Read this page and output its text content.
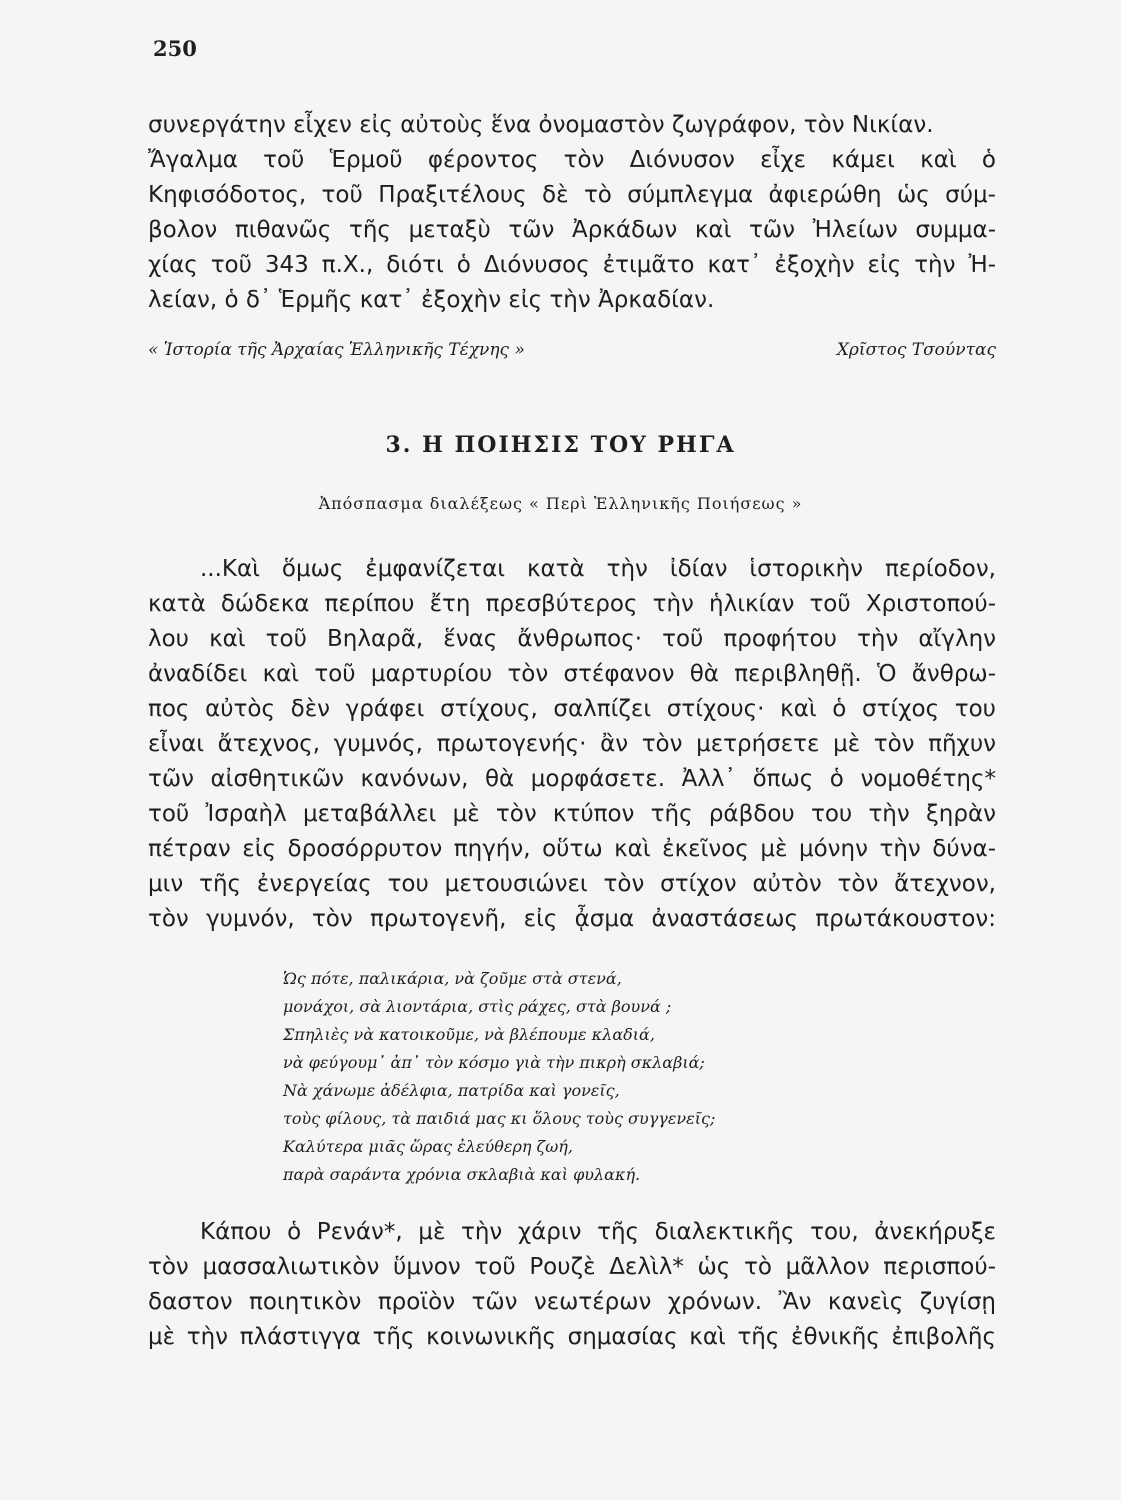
250

συνεργάτην εἶχεν εἰς αὐτοὺς ἕνα ὀνομαστὸν ζωγράφον, τὸν Νικίαν.
Ἄγαλμα τοῦ Ἑρμοῦ φέροντος τὸν Διόνυσον εἶχε κάμει καὶ ὁ
Κηφισόδοτος, τοῦ Πραξιτέλους δὲ τὸ σύμπλεγμα ἀφιερώθη ὡς σύμ-
βολον πιθανῶς τῆς μεταξὺ τῶν Ἀρκάδων καὶ τῶν Ἠλείων συμμα-
χίας τοῦ 343 π.Χ., διότι ὁ Διόνυσος ἐτιμᾶτο κατ᾽ ἐξοχὴν εἰς τὴν Ἠ-
λείαν, ὁ δ᾽ Ἑρμῆς κατ᾽ ἐξοχὴν εἰς τὴν Ἀρκαδίαν.

« Ἱστορία τῆς Ἀρχαίας Ἑλληνικῆς Τέχνης »	Χρῖστος Τσούντας
3. Η ΠΟΙΗΣΙΣ ΤΟΥ ΡΗΓΑ
Ἀπόσπασμα διαλέξεως « Περὶ Ἑλληνικῆς Ποιήσεως »

...Καὶ ὅμως ἐμφανίζεται κατὰ τὴν ἰδίαν ἱστορικὴν περίοδον,
κατὰ δώδεκα περίπου ἔτη πρεσβύτερος τὴν ἡλικίαν τοῦ Χριστοπού-
λου καὶ τοῦ Βηλαρᾶ, ἕνας ἄνθρωπος· τοῦ προφήτου τὴν αἴγλην
ἀναδίδει καὶ τοῦ μαρτυρίου τὸν στέφανον θὰ περιβληθῇ. Ὁ ἄνθρω-
πος αὐτὸς δὲν γράφει στίχους, σαλπίζει στίχους· καὶ ὁ στίχος του
εἶναι ἄτεχνος, γυμνός, πρωτογενής· ἂν τὸν μετρήσετε μὲ τὸν πῆχυν
τῶν αἰσθητικῶν κανόνων, θὰ μορφάσετε. Ἀλλ᾽ ὅπως ὁ νομοθέτης*
τοῦ Ἰσραὴλ μεταβάλλει μὲ τὸν κτύπον τῆς ράβδου του τὴν ξηρὰν
πέτραν εἰς δροσόρρυτον πηγήν, οὕτω καὶ ἐκεῖνος μὲ μόνην τὴν δύνα-
μιν τῆς ἐνεργείας του μετουσιώνει τὸν στίχον αὐτὸν τὸν ἄτεχνον,
τὸν γυμνόν, τὸν πρωτογενῆ, εἰς ᾆσμα ἀναστάσεως πρωτάκουστον:

Ὡς πότε, παλικάρια, νὰ ζοῦμε στὰ στενά,
μονάχοι, σὰ λιοντάρια, στὶς ράχες, στὰ βουνά ;
Σπηλιὲς νὰ κατοικοῦμε, νὰ βλέπουμε κλαδιά,
νὰ φεύγουμ᾽ ἀπ᾽ τὸν κόσμο γιὰ τὴν πικρὴ σκλαβιά;
Νὰ χάνωμε ἀδέλφια, πατρίδα καὶ γονεῖς,
τοὺς φίλους, τὰ παιδιά μας κι ὅλους τοὺς συγγενεῖς;
Καλύτερα μιᾶς ὥρας ἐλεύθερη ζωή,
παρὰ σαράντα χρόνια σκλαβιὰ καὶ φυλακή.

Κάπου ὁ Ρενάν*, μὲ τὴν χάριν τῆς διαλεκτικῆς του, ἀνεκήρυξε
τὸν μασσαλιωτικὸν ὕμνον τοῦ Ρουζὲ Δελὶλ* ὡς τὸ μᾶλλον περισπού-
δαστον ποιητικὸν προϊὸν τῶν νεωτέρων χρόνων. Ἂν κανεὶς ζυγίσῃ
μὲ τὴν πλάστιγγα τῆς κοινωνικῆς σημασίας καὶ τῆς ἐθνικῆς ἐπιβολῆς
